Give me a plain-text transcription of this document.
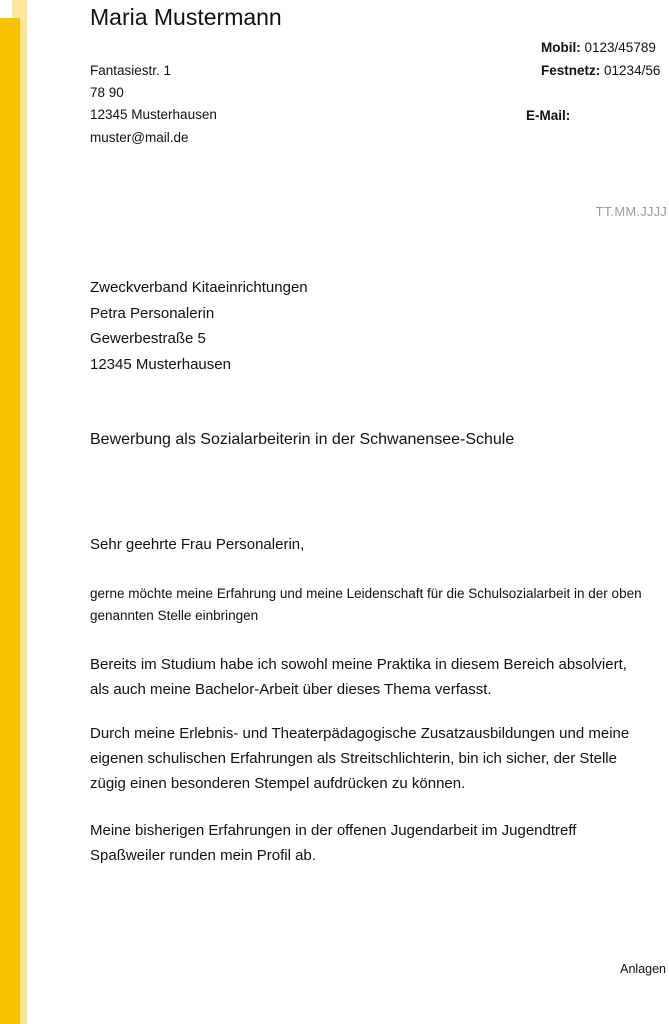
Maria Mustermann
Fantasiestr. 1
78 90
12345 Musterhausen
muster@mail.de
Mobil: 0123/45789
Festnetz: 01234/56
E-Mail:
TT.MM.JJJJ
Zweckverband Kitaeinrichtungen
Petra Personalerin
Gewerbestraße 5
12345 Musterhausen
Bewerbung als Sozialarbeiterin in der Schwanensee-Schule
Sehr geehrte Frau Personalerin,
gerne möchte meine Erfahrung und meine Leidenschaft für die Schulsozialarbeit in der oben genannten Stelle einbringen
Bereits im Studium habe ich sowohl meine Praktika in diesem Bereich absolviert, als auch meine Bachelor-Arbeit über dieses Thema verfasst.
Durch meine Erlebnis- und Theaterpädagogische Zusatzausbildungen und meine eigenen schulischen Erfahrungen als Streitschlichterin, bin ich sicher, der Stelle zügig einen besonderen Stempel aufdrücken zu können.
Meine bisherigen Erfahrungen in der offenen Jugendarbeit im Jugendtreff Spaßweiler runden mein Profil ab.
Anlagen
